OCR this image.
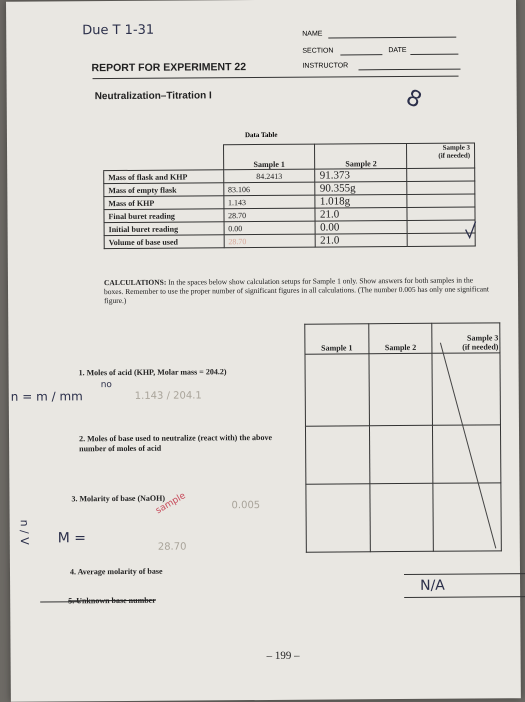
Due T 1-31	NAME
SECTION	DATE
REPORT FOR EXPERIMENT 22	INSTRUCTOR
Neutralization–Titration I	8
Data Table
	Sample 1	Sample 2	Sample 3
(if needed)
Mass of flask and KHP	84.2413	91.373	
Mass of empty flask	83.106	90.355g	
Mass of KHP	1.143	1.018g	
Final buret reading	28.70	21.0	
Initial buret reading	0.00	0.00	
Volume of base used	28.70	21.0	
CALCULATIONS: In the spaces below show calculation setups for Sample 1 only. Show answers for both samples in the boxes. Remember to use the proper number of significant figures in all calculations. (The number 0.005 has only one significant figure.)
Sample 1	Sample 2	Sample 3
(if needed)

1. Moles of acid (KHP, Molar mass = 204.2)
2. Moles of base used to neutralize (react with) the above number of moles of acid
3. Molarity of base (NaOH)
4. Average molarity of base
5. Unknown base number
N/A
n = m / mm
no
M =
n / V
sample
1.143 / 204.1
0.005
28.70
– 199 –
